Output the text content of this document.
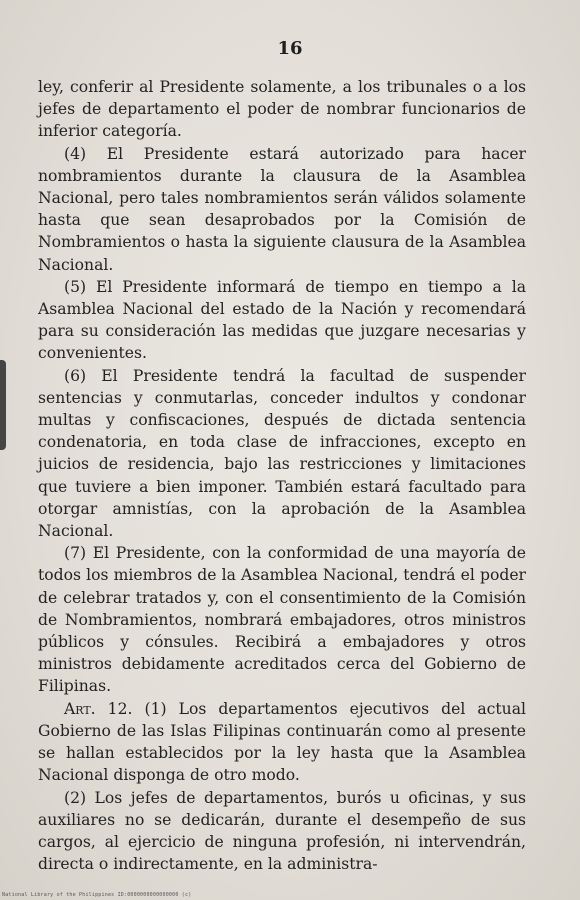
16

ley, conferir al Presidente solamente, a los tribunales o a los jefes de departamento el poder de nombrar funcionarios de inferior categoría.

(4) El Presidente estará autorizado para hacer nombramientos durante la clausura de la Asamblea Nacional, pero tales nombramientos serán válidos solamente hasta que sean desaprobados por la Comisión de Nombramientos o hasta la siguiente clausura de la Asamblea Nacional.

(5) El Presidente informará de tiempo en tiempo a la Asamblea Nacional del estado de la Nación y recomendará para su consideración las medidas que juzgare necesarias y convenientes.

(6) El Presidente tendrá la facultad de suspender sentencias y conmutarlas, conceder indultos y condonar multas y confiscaciones, después de dictada sentencia condenatoria, en toda clase de infracciones, excepto en juicios de residencia, bajo las restricciones y limitaciones que tuviere a bien imponer. También estará facultado para otorgar amnistías, con la aprobación de la Asamblea Nacional.

(7) El Presidente, con la conformidad de una mayoría de todos los miembros de la Asamblea Nacional, tendrá el poder de celebrar tratados y, con el consentimiento de la Comisión de Nombramientos, nombrará embajadores, otros ministros públicos y cónsules. Recibirá a embajadores y otros ministros debidamente acreditados cerca del Gobierno de Filipinas.

Art. 12. (1) Los departamentos ejecutivos del actual Gobierno de las Islas Filipinas continuarán como al presente se hallan establecidos por la ley hasta que la Asamblea Nacional disponga de otro modo.

(2) Los jefes de departamentos, burós u oficinas, y sus auxiliares no se dedicarán, durante el desempeño de sus cargos, al ejercicio de ninguna profesión, ni intervendrán, directa o indirectamente, en la administra-

National Library of the Philippines ID:0000000000000000 (c)
